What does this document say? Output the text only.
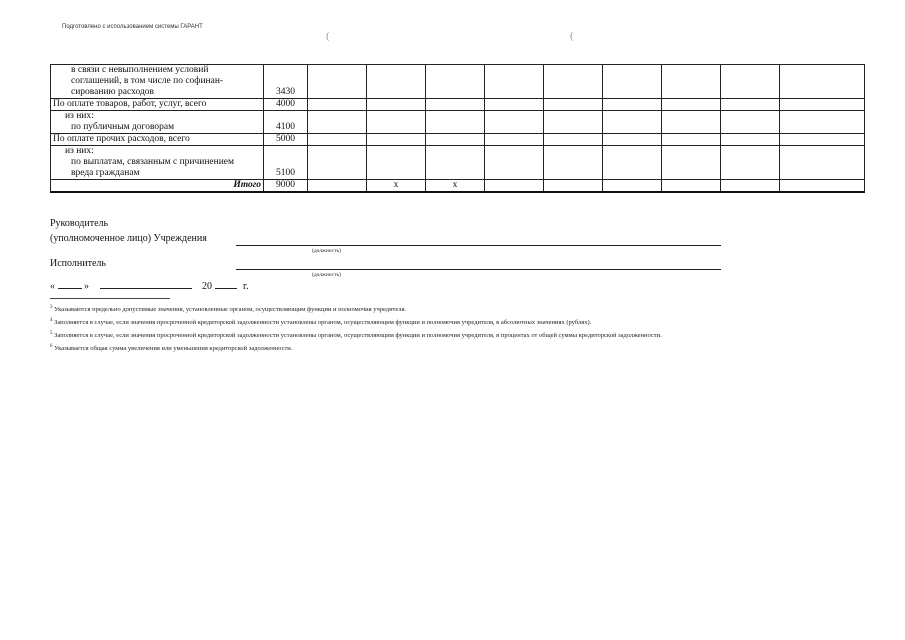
Подготовлено с использованием системы ГАРАНТ
(	(
в связи с невыполнением условий
соглашений, в том числе по софинан-
сированию расходов	3430									

По оплате товаров, работ, услуг, всего	4000									

из них:
по публичным договорам	4100									

По оплате прочих расходов, всего	5000									

из них:
по выплатам, связанным с причинением
вреда гражданам	5100									

Итого	9000		х	х						
Руководитель
(уполномоченное лицо) Учреждения
Исполнитель
«	»	20	г.
(должность)
(должность)
$^3$ Указываются предельно допустимые значения, установленные органом, осуществляющим функции и полномочия учредителя.
$^4$ Заполняется в случае, если значения просроченной кредиторской задолженности установлены органом, осуществляющим функции и полномочия учредителя, в абсолютных значениях (рублях).
$^5$ Заполняется в случае, если значения просроченной кредиторской задолженности установлены органом, осуществляющим функции и полномочия учредителя, в процентах от общей суммы кредиторской задолженности.
$^6$ Указывается общая сумма увеличения или уменьшения кредиторской задолженности.
